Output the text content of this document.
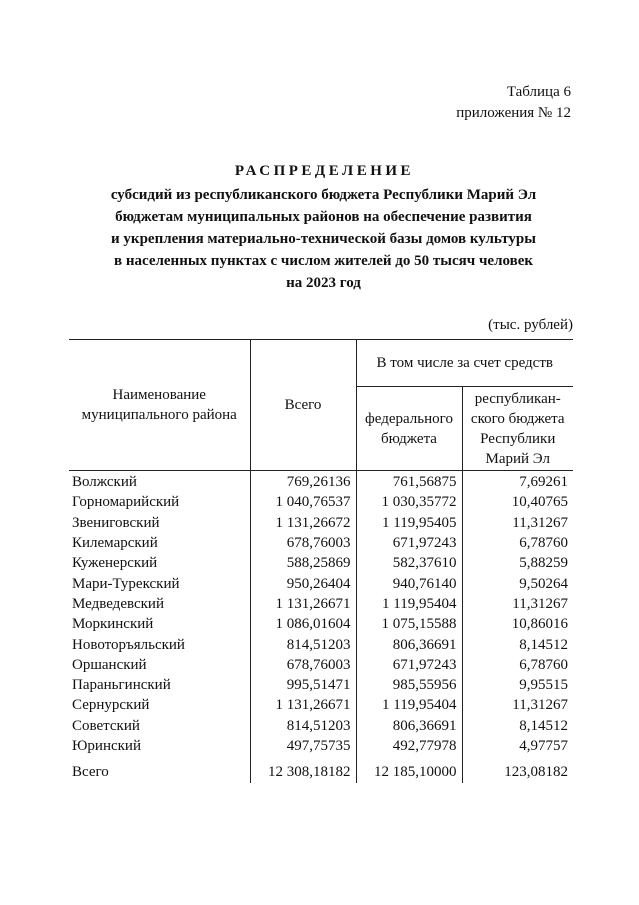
Таблица 6
приложения № 12
РАСПРЕДЕЛЕНИЕ
субсидий из республиканского бюджета Республики Марий Эл
бюджетам муниципальных районов на обеспечение развития
и укрепления материально-технической базы домов культуры
в населенных пунктах с числом жителей до 50 тысяч человек
на 2023 год
(тыс. рублей)
Наименование муниципального района	Всего	В том числе за счет средств	
		федерального бюджета	республикан-ского бюджета Республики Марий Эл
Волжский	769,26136	761,56875	7,69261
Горномарийский	1 040,76537	1 030,35772	10,40765
Звениговский	1 131,26672	1 119,95405	11,31267
Килемарский	678,76003	671,97243	6,78760
Куженерский	588,25869	582,37610	5,88259
Мари-Турекский	950,26404	940,76140	9,50264
Медведевский	1 131,26671	1 119,95404	11,31267
Моркинский	1 086,01604	1 075,15588	10,86016
Новоторъяльский	814,51203	806,36691	8,14512
Оршанский	678,76003	671,97243	6,78760
Параньгинский	995,51471	985,55956	9,95515
Сернурский	1 131,26671	1 119,95404	11,31267
Советский	814,51203	806,36691	8,14512
Юринский	497,75735	492,77978	4,97757
Всего	12 308,18182	12 185,10000	123,08182
